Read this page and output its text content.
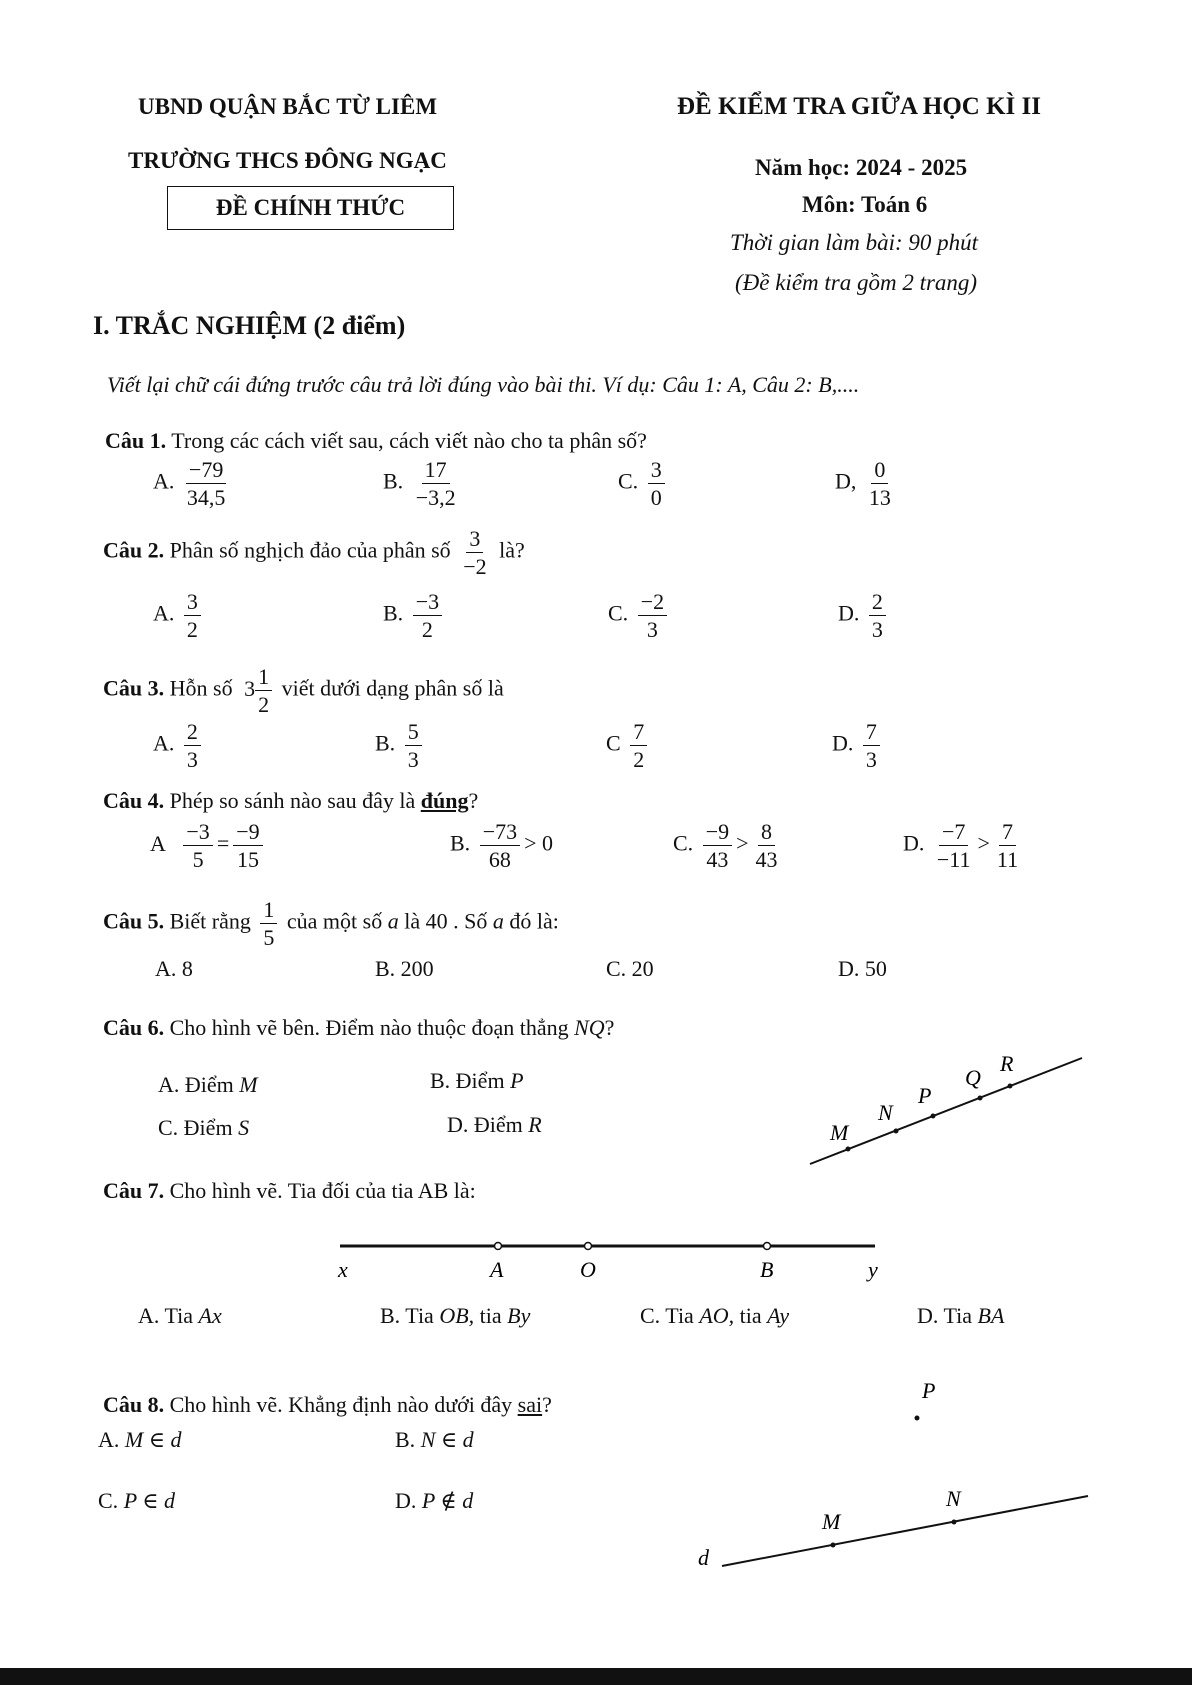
UBND QUẬN BẮC TỪ LIÊM
TRƯỜNG THCS ĐÔNG NGẠC
ĐỀ CHÍNH THỨC
ĐỀ KIỂM TRA GIỮA HỌC KÌ II
Năm học: 2024 - 2025
Môn: Toán 6
Thời gian làm bài: 90 phút
(Đề kiểm tra gồm 2 trang)
I. TRẮC NGHIỆM (2 điểm)
Viết lại chữ cái đứng trước câu trả lời đúng vào bài thi. Ví dụ: Câu 1: A, Câu 2: B,....
Câu 1. Trong các cách viết sau, cách viết nào cho ta phân số?
A. $\frac{-79}{34,5}$	B. $\frac{17}{-3,2}$	C. $\frac{3}{0}$	D, $\frac{0}{13}$
Câu 2. Phân số nghịch đảo của phân số $\frac{3}{-2}$ là?
A. $\frac{3}{2}$	B. $\frac{-3}{2}$	C. $\frac{-2}{3}$	D. $\frac{2}{3}$
Câu 3. Hỗn số $3 \frac{1}{2}$ viết dưới dạng phân số là
A. $\frac{2}{3}$	B. $\frac{5}{3}$	C $\frac{7}{2}$	D. $\frac{7}{3}$
Câu 4. Phép so sánh nào sau đây là đúng?
A $\frac{-3}{5} = \frac{-9}{15}$	B. $\frac{-73}{68} > 0$	C. $\frac{-9}{43} > \frac{8}{43}$	D. $\frac{-7}{-11} > \frac{7}{11}$
Câu 5. Biết rằng $\frac{1}{5}$ của một số a là 40 . Số a đó là:
A. 8	B. 200	C. 20	D. 50
Câu 6. Cho hình vẽ bên. Điểm nào thuộc đoạn thẳng NQ?
A. Điểm M	B. Điểm P
C. Điểm S	D. Điểm R	M
N
P
Q
R
Câu 7. Cho hình vẽ. Tia đối của tia AB là:
x	A	O	B	y
A. Tia Ax	B. Tia OB, tia By	C. Tia AO, tia Ay	D. Tia BA
Câu 8. Cho hình vẽ. Khẳng định nào dưới đây sai?
A. M ∈ d	B. N ∈ d
C. P ∈ d	D. P ∉ d
P
N
M
d
